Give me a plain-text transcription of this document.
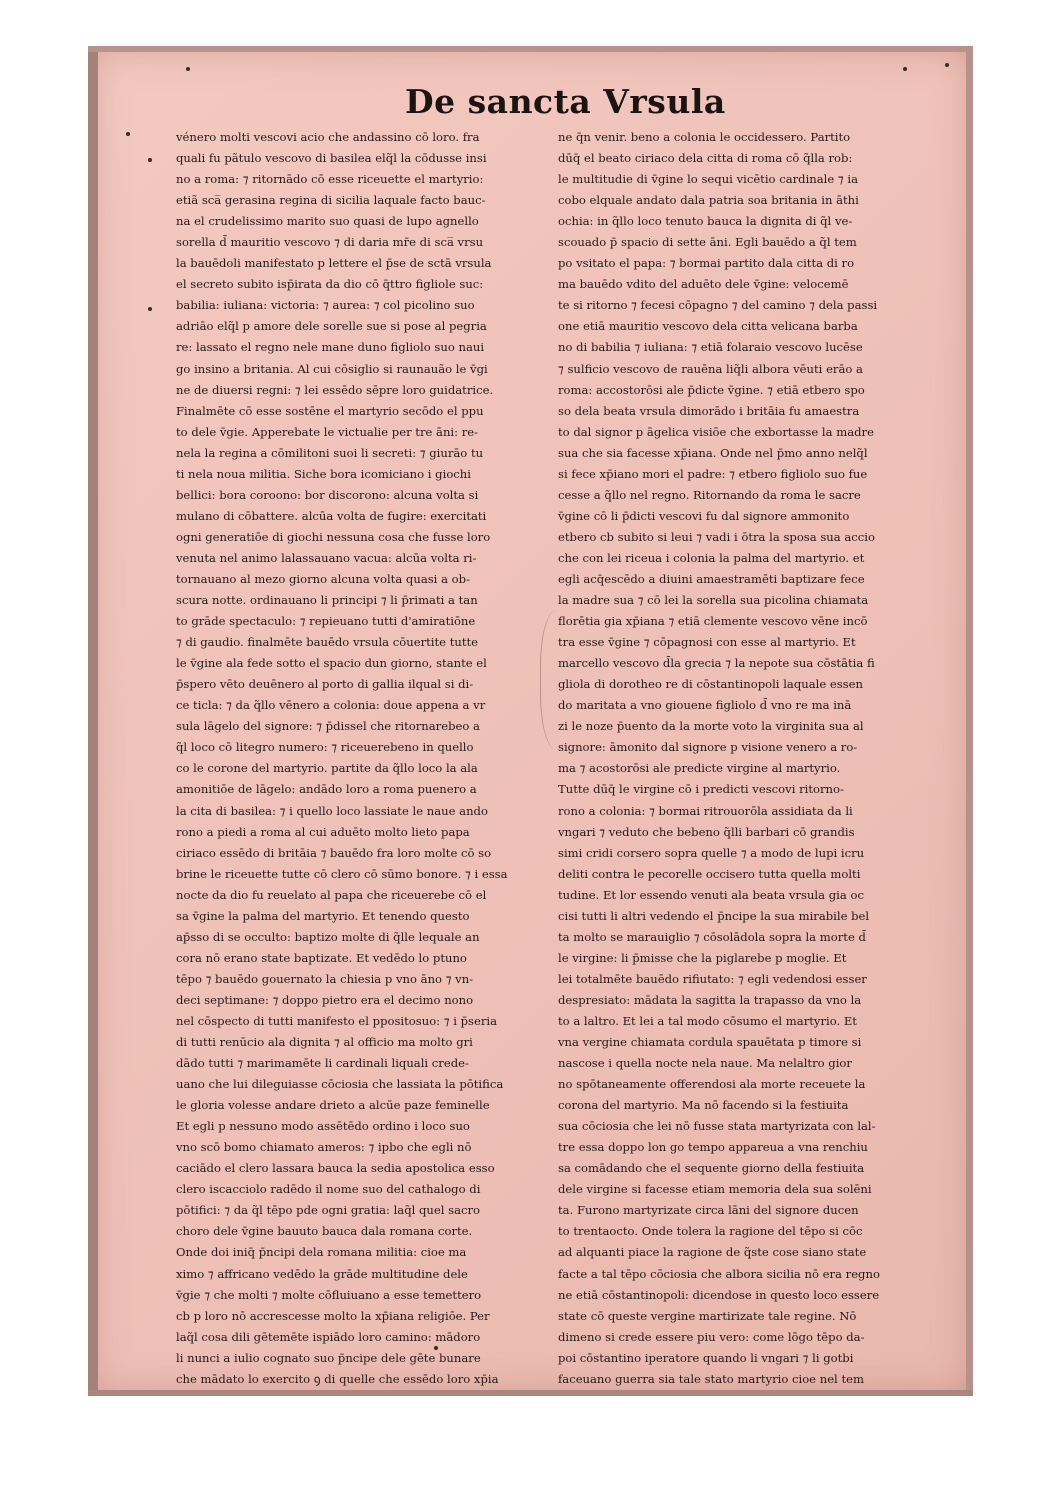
De sancta Vrsula
vénero molti vescovi acio che andassino cō loro. fra
quali fu pãtulo vescovo di basilea elq̃l la cōdusse insi
no a roma: ⁊ ritornādo cō esse riceuette el martyrio:
etiã sca̅ gerasina regina di sicilia laquale facto bauc-
na el crudelissimo marito suo quasi de lupo agnello
sorella d̄ mauritio vescovo ⁊ di daria mr̄e di sca̅ vrsu
la bauēdoli manifestato p lettere el p̄se de sctā vrsula
el secreto subito isp̄irata da dio cō q̄ttro figliole suc:
babilia: iuliana: victoria: ⁊ aurea: ⁊ col picolino suo
adriāo elq̃l p amore dele sorelle sue si pose al pegria
re: lassato el regno nele mane duno figliolo suo naui
go insino a britania. Al cui cōsiglio si raunauão le v̄gi
ne de diuersi regni: ⁊ lei essēdo sēpre loro guidatrice.
Finalmēte cō esse sostēne el martyrio secōdo el ppu
to dele v̄gie. Apperebate le victualie per tre āni: re-
nela la regina a cōmilitoni suoi li secreti: ⁊ giurāo tu
ti nela noua militia. Siche bora icomiciano i giochi
bellici: bora coroono: bor discorono: alcuna volta si
mulano di cōbattere. alcūa volta de fugire: exercitati
ogni generatiōe di giochi nessuna cosa che fusse loro
venuta nel animo lalassauano vacua: alcūa volta ri-
tornauano al mezo giorno alcuna volta quasi a ob-
scura notte. ordinauano li principi ⁊ li p̄rimati a tan
to grāde spectaculo: ⁊ repieuano tutti d'amiratiōne
⁊ di gaudio. finalmēte bauēdo vrsula cōuertite tutte
le v̄gine ala fede sotto el spacio dun giorno, stante el
p̄spero vēto deuēnero al porto di gallia ilqual si di-
ce ticla: ⁊ da q̃llo vēnero a colonia: doue appena a vr
sula lāgelo del signore: ⁊ p̄dissel che ritornarebeo a
q̃l loco cō litegro numero: ⁊ riceuerebeno in quello
co le corone del martyrio. partite da q̃llo loco la ala
amonitiōe de lāgelo: andādo loro a roma puenero a
la cita di basilea: ⁊ i quello loco lassiate le naue ando
rono a piedi a roma al cui aduēto molto lieto papa
ciriaco essēdo di britāia ⁊ bauēdo fra loro molte cō so
brine le riceuette tutte cō clero cō sūmo bonore. ⁊ i essa
nocte da dio fu reuelato al papa che riceuerebe cō el
sa v̄gine la palma del martyrio. Et tenendo questo
ap̄sso di se occulto: baptizo molte di q̃lle lequale an
cora nō erano state baptizate. Et vedēdo lo ptuno
tēpo ⁊ bauēdo gouernato la chiesia p vno āno ⁊ vn-
deci septimane: ⁊ doppo pietro era el decimo nono
nel cōspecto di tutti manifesto el ppositosuo: ⁊ i p̄seria
di tutti renūcio ala dignita ⁊ al officio ma molto gri
dādo tutti ⁊ marimamēte li cardinali liquali crede-
uano che lui dileguiasse cōciosia che lassiata la pōtifica
le gloria volesse andare drieto a alcūe paze feminelle
Et egli p nessuno modo assētēdo ordino i loco suo
vno scō bomo chiamato ameros: ⁊ ipbo che egli nō
caciādo el clero lassara bauca la sedia apostolica esso
clero iscacciolo radēdo il nome suo del cathalogo di
pōtifici: ⁊ da q̃l tēpo pde ogni gratia: laq̃l quel sacro
choro dele v̄gine bauuto bauca dala romana corte.
Onde doi iniq̄ p̄ncipi dela romana militia: cioe ma
ximo ⁊ affricano vedēdo la grāde multitudine dele
v̄gie ⁊ che molti ⁊ molte cōfluiuano a esse temettero
cb p loro nō accrescesse molto la xp̄iana religiōe. Per
laq̃l cosa dili gētemēte ispiādo loro camino: mādoro
li nunci a iulio cognato suo p̄ncipe dele gēte bunare
che mādato lo exercito ꝯ di quelle che essēdo loro xp̄ia
ne q̄n venir. beno a colonia le occidessero. Partito
dūq̄ el beato ciriaco dela citta di roma cō q̃lla rob:
le multitudie di v̄gine lo sequi vicētio cardinale ⁊ ia
cobo elquale andato dala patria soa britania in āthi
ochia: in q̃llo loco tenuto bauca la dignita di q̃l ve-
scouado p̄ spacio di sette āni. Egli bauēdo a q̃l tem
po vsitato el papa: ⁊ bormai partito dala citta di ro
ma bauēdo vdito del aduēto dele v̄gine: velocemē
te si ritorno ⁊ fecesi cōpagno ⁊ del camino ⁊ dela passi
one etiā mauritio vescovo dela citta velicana barba
no di babilia ⁊ iuliana: ⁊ etiā folaraio vescovo lucēse
⁊ sulficio vescovo de rauēna liq̃li albora vēuti erāo a
roma: accostorōsi ale p̄dicte v̄gine. ⁊ etiā etbero spo
so dela beata vrsula dimorādo i britāia fu amaestra
to dal signor p āgelica visiōe che exbortasse la madre
sua che sia facesse xp̄iana. Onde nel p̄mo anno nelq̃l
si fece xp̄iano mori el padre: ⁊ etbero figliolo suo fue
cesse a q̃llo nel regno. Ritornando da roma le sacre
v̄gine cō li p̄dicti vescovi fu dal signore ammonito
etbero cb subito si leui ⁊ vadi i ōtra la sposa sua accio
che con lei riceua i colonia la palma del martyrio. et
egli acq̄escēdo a diuini amaestramēti baptizare fece
la madre sua ⁊ cō lei la sorella sua picolina chiamata
florētia gia xp̄iana ⁊ etiā clemente vescovo vēne incō
tra esse v̄gine ⁊ cōpagnosi con esse al martyrio. Et
marcello vescovo d̄la grecia ⁊ la nepote sua cōstātia fi
gliola di dorotheo re di cōstantinopoli laquale essen
do maritata a vno giouene figliolo d̄ vno re ma inā
zi le noze p̄uento da la morte voto la virginita sua al
signore: āmonito dal signore p visione venero a ro-
ma ⁊ acostorōsi ale predicte virgine al martyrio.
Tutte dūq̄ le virgine cō i predicti vescovi ritorno-
rono a colonia: ⁊ bormai ritrouorōla assidiata da li
vngari ⁊ veduto che bebeno q̃lli barbari cō grandis
simi cridi corsero sopra quelle ⁊ a modo de lupi icru
deliti contra le pecorelle occisero tutta quella molti
tudine. Et lor essendo venuti ala beata vrsula gia oc
cisi tutti li altri vedendo el p̄ncipe la sua mirabile bel
ta molto se marauiglio ⁊ cōsolādola sopra la morte d̄
le virgine: li p̄misse che la piglarebe p moglie. Et
lei totalmēte bauēdo rifiutato: ⁊ egli vedendosi esser
despresiato: mādata la sagitta la trapasso da vno la
to a laltro. Et lei a tal modo cōsumo el martyrio. Et
vna vergine chiamata cordula spauētata p timore si
nascose i quella nocte nela naue. Ma nelaltro gior
no spōtaneamente offerendosi ala morte receuete la
corona del martyrio. Ma nō facendo si la festiuita
sua cōciosia che lei nō fusse stata martyrizata con lal-
tre essa doppo lon go tempo appareua a vna renchiu
sa comādando che el sequente giorno della festiuita
dele virgine si facesse etiam memoria dela sua solēni
ta. Furono martyrizate circa lāni del signore ducen
to trentaocto. Onde tolera la ragione del tēpo si cōc
ad alquanti piace la ragione de q̃ste cose siano state
facte a tal tēpo cōciosia che albora sicilia nō era regno
ne etiā cōstantinopoli: dicendose in questo loco essere
state cō queste vergine martirizate tale regine. Nō
dimeno si crede essere piu vero: come lōgo tēpo da-
poi cōstantino iperatore quando li vngari ⁊ li gotbi
faceuano guerra sia tale stato martyrio cioe nel tem
